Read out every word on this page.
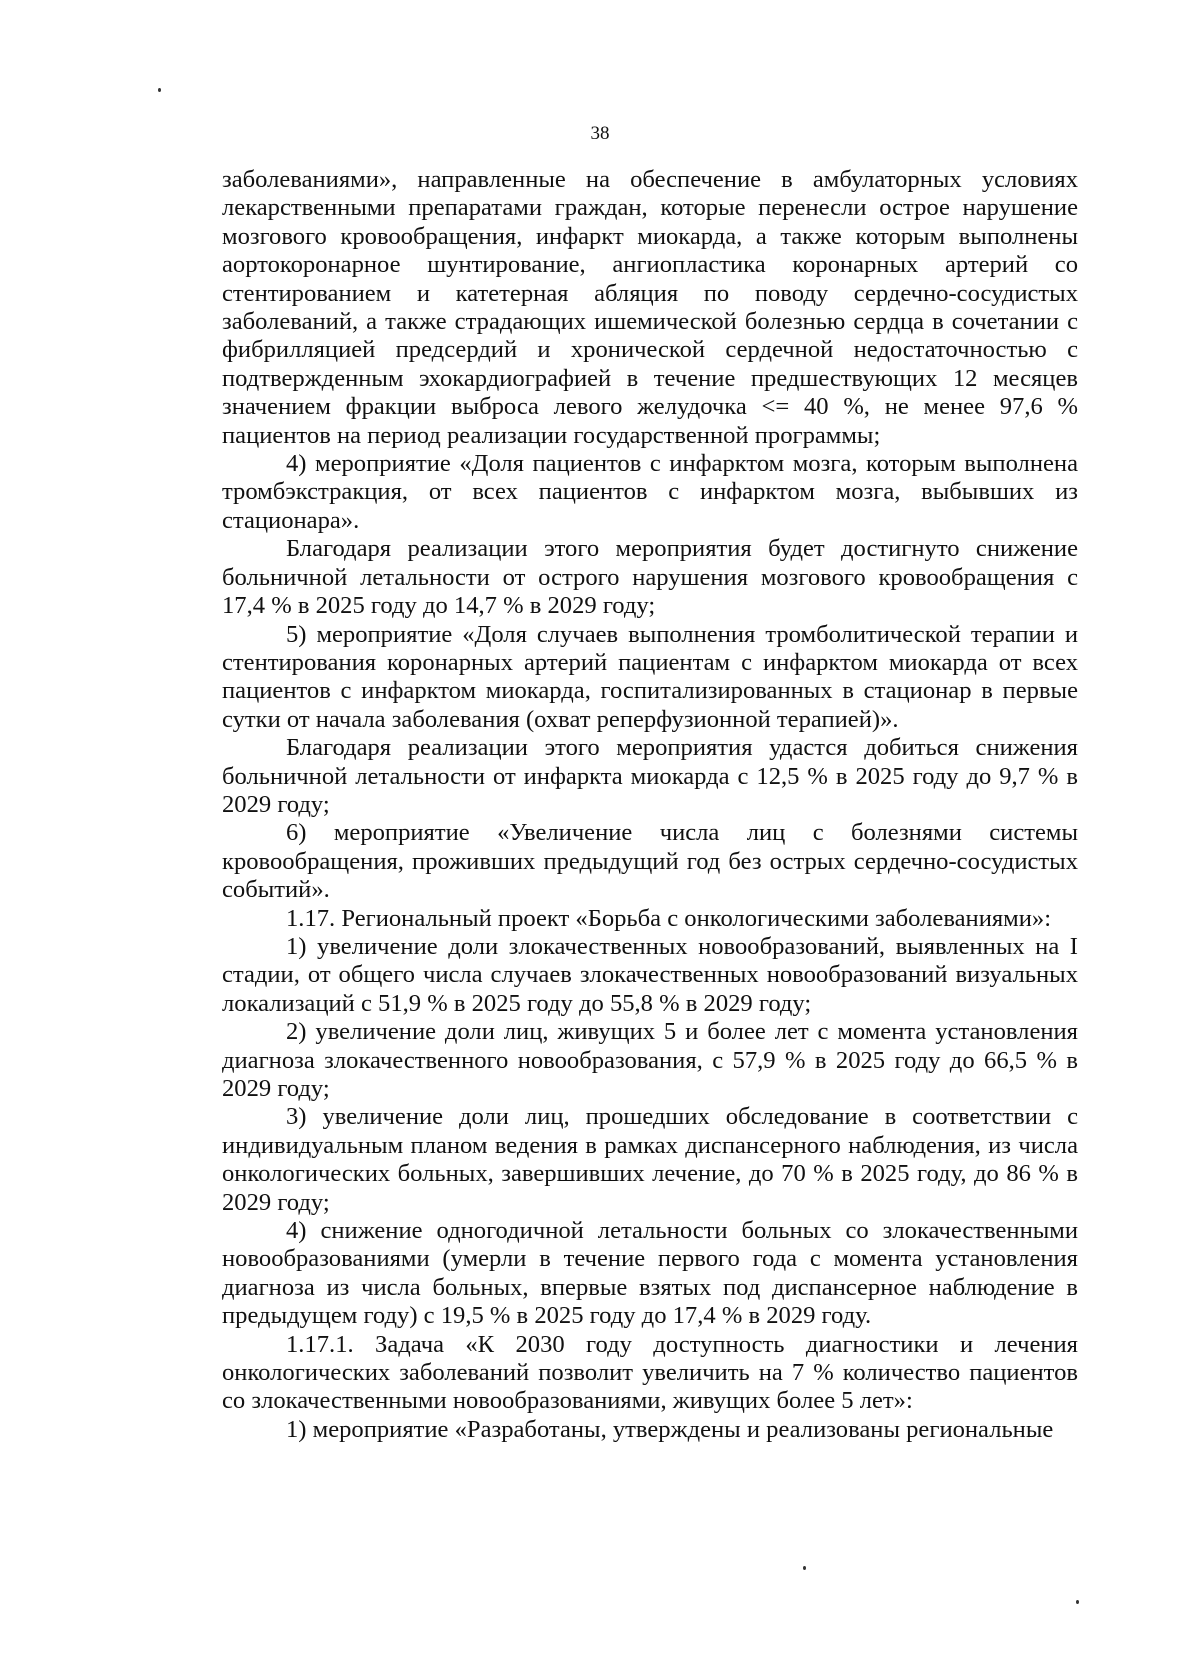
38

заболеваниями», направленные на обеспечение в амбулаторных условиях лекарственными препаратами граждан, которые перенесли острое нарушение мозгового кровообращения, инфаркт миокарда, а также которым выполнены аортокоронарное шунтирование, ангиопластика коронарных артерий со стентированием и катетерная абляция по поводу сердечно-сосудистых заболеваний, а также страдающих ишемической болезнью сердца в сочетании с фибрилляцией предсердий и хронической сердечной недостаточностью с подтвержденным эхокардиографией в течение предшествующих 12 месяцев значением фракции выброса левого желудочка <= 40 %, не менее 97,6 % пациентов на период реализации государственной программы;

4) мероприятие «Доля пациентов с инфарктом мозга, которым выполнена тромбэкстракция, от всех пациентов с инфарктом мозга, выбывших из стационара».

Благодаря реализации этого мероприятия будет достигнуто снижение больничной летальности от острого нарушения мозгового кровообращения с 17,4 % в 2025 году до 14,7 % в 2029 году;

5) мероприятие «Доля случаев выполнения тромболитической терапии и стентирования коронарных артерий пациентам с инфарктом миокарда от всех пациентов с инфарктом миокарда, госпитализированных в стационар в первые сутки от начала заболевания (охват реперфузионной терапией)».

Благодаря реализации этого мероприятия удастся добиться снижения больничной летальности от инфаркта миокарда с 12,5 % в 2025 году до 9,7 % в 2029 году;

6) мероприятие «Увеличение числа лиц с болезнями системы кровообращения, проживших предыдущий год без острых сердечно-сосудистых событий».

1.17. Региональный проект «Борьба с онкологическими заболеваниями»:

1) увеличение доли злокачественных новообразований, выявленных на I стадии, от общего числа случаев злокачественных новообразований визуальных локализаций с 51,9 % в 2025 году до 55,8 % в 2029 году;

2) увеличение доли лиц, живущих 5 и более лет с момента установления диагноза злокачественного новообразования, с 57,9 % в 2025 году до 66,5 % в 2029 году;

3) увеличение доли лиц, прошедших обследование в соответствии с индивидуальным планом ведения в рамках диспансерного наблюдения, из числа онкологических больных, завершивших лечение, до 70 % в 2025 году, до 86 % в 2029 году;

4) снижение одногодичной летальности больных со злокачественными новообразованиями (умерли в течение первого года с момента установления диагноза из числа больных, впервые взятых под диспансерное наблюдение в предыдущем году) с 19,5 % в 2025 году до 17,4 % в 2029 году.

1.17.1. Задача «К 2030 году доступность диагностики и лечения онкологических заболеваний позволит увеличить на 7 % количество пациентов со злокачественными новообразованиями, живущих более 5 лет»:

1) мероприятие «Разработаны, утверждены и реализованы региональные
